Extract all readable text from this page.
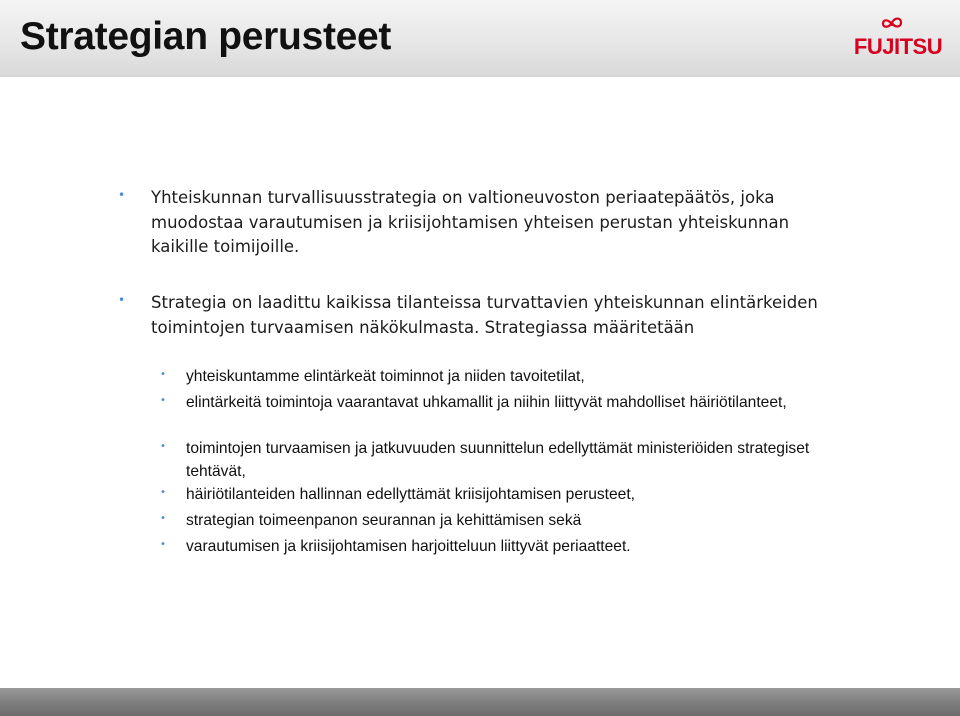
Strategian perusteet	FUJITSU
• Yhteiskunnan turvallisuusstrategia on valtioneuvoston periaatepäätös, joka muodostaa varautumisen ja kriisijohtamisen yhteisen perustan yhteiskunnan kaikille toimijoille.
• Strategia on laadittu kaikissa tilanteissa turvattavien yhteiskunnan elintärkeiden toimintojen turvaamisen näkökulmasta. Strategiassa määritetään
• yhteiskuntamme elintärkeät toiminnot ja niiden tavoitetilat,
• elintärkeitä toimintoja vaarantavat uhkamallit ja niihin liittyvät mahdolliset häiriötilanteet,
• toimintojen turvaamisen ja jatkuvuuden suunnittelun edellyttämät ministeriöiden strategiset tehtävät,
• häiriötilanteiden hallinnan edellyttämät kriisijohtamisen perusteet,
• strategian toimeenpanon seurannan ja kehittämisen sekä
• varautumisen ja kriisijohtamisen harjoitteluun liittyvät periaatteet.
